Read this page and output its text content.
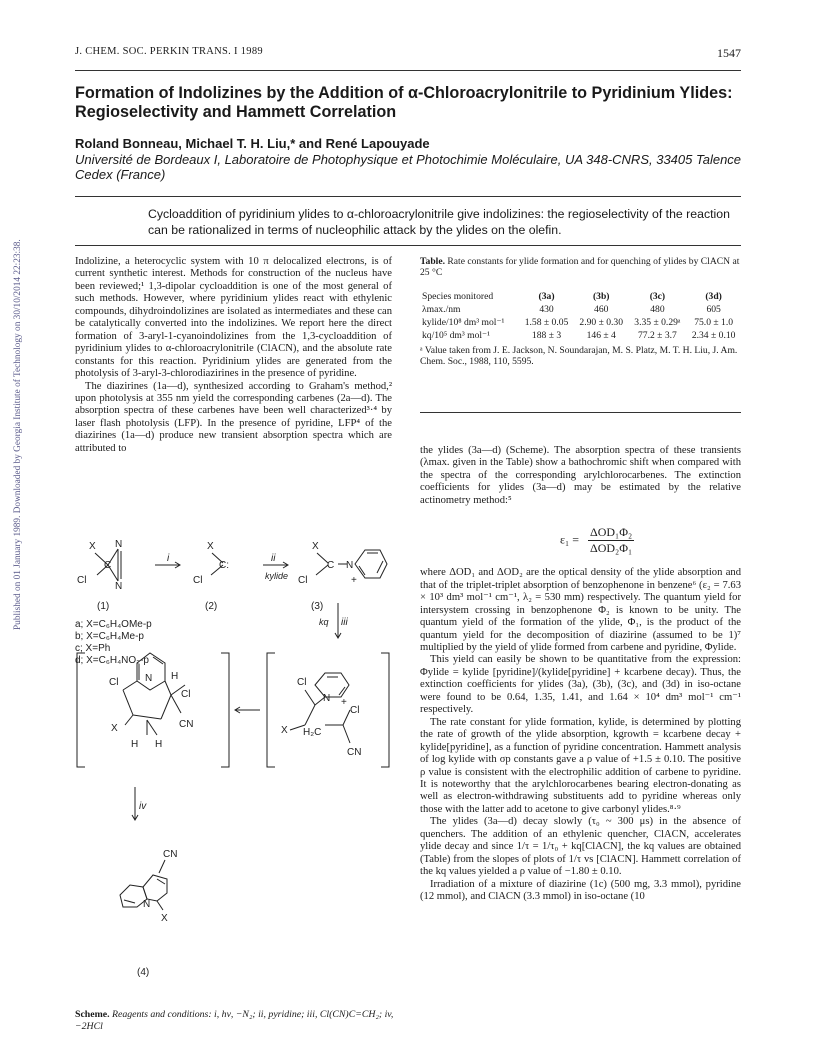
J. CHEM. SOC. PERKIN TRANS. I 1989	1547
Formation of Indolizines by the Addition of α-Chloroacrylonitrile to Pyridinium Ylides: Regioselectivity and Hammett Correlation
Roland Bonneau, Michael T. H. Liu,* and René Lapouyade
Université de Bordeaux I, Laboratoire de Photophysique et Photochimie Moléculaire, UA 348-CNRS, 33405 Talence Cedex (France)
Cycloaddition of pyridinium ylides to α-chloroacrylonitrile give indolizines: the regioselectivity of the reaction can be rationalized in terms of nucleophilic attack by the ylides on the olefin.
Published on 01 January 1989. Downloaded by Georgia Institute of Technology on 30/10/2014 22:23:38.	Indolizine, a heterocyclic system with 10 π delocalized electrons, is of current synthetic interest. Methods for construction of the nucleus have been reviewed;¹ 1,3-dipolar cycloaddition is one of the most general of such methods. However, where pyridinium ylides react with ethylenic compounds, dihydroindolizines are isolated as intermediates and these can be catalytically converted into the indolizines. We report here the direct formation of 3-aryl-1-cyanoindolizines from the 1,3-cycloaddition of pyridinium ylides to α-chloroacrylonitrile (ClACN), and the absolute rate constants for this reaction. Pyridinium ylides are generated from the photolysis of 3-aryl-3-chlorodiazirines in the presence of pyridine.

The diazirines (1a—d), synthesized according to Graham's method,² upon photolysis at 355 nm yield the corresponding carbenes (2a—d). The absorption spectra of these carbenes have been well characterized³·⁴ by laser flash photolysis (LFP). In the presence of pyridine, LFP⁴ of the diazirines (1a—d) produce new transient absorption spectra which are attributed to

Table. Rate constants for ylide formation and for quenching of ylides by ClACN at 25 °C
Species monitored	(3a)	(3b)	(3c)	(3d)
λmax./nm	430	460	480	605
kylide/10⁸ dm³ mol⁻¹	1.58 ± 0.05	2.90 ± 0.30	3.35 ± 0.29ᵃ	75.0 ± 1.0
kq/10⁵ dm³ mol⁻¹	188 ± 3	146 ± 4	77.2 ± 3.7	2.34 ± 0.10
ᵃ Value taken from J. E. Jackson, N. Soundarajan, M. S. Platz, M. T. H. Liu, J. Am. Chem. Soc., 1988, 110, 5595.

the ylides (3a—d) (Scheme). The absorption spectra of these transients (λmax. given in the Table) show a bathochromic shift when compared with the spectra of the corresponding arylchlorocarbenes. The extinction coefficients for ylides (3a—d) may be estimated by the relative actinometry method:⁵

where ΔOD₁ and ΔOD₂ are the optical density of the ylide absorption and that of the triplet-triplet absorption of benzophenone in benzene⁶ (ε₂ = 7.63 × 10³ dm³ mol⁻¹ cm⁻¹, λ₂ = 530 mm) respectively. The quantum yield for intersystem crossing in benzophenone Φ₂ is known to be unity. The quantum yield of the formation of the ylide, Φ₁, is the product of the quantum yield for the decomposition of diazirine (assumed to be 1)⁷ multiplied by the yield of ylide formed from carbene and pyridine, Φylide.

This yield can easily be shown to be quantitative from the expression: Φylide = kylide [pyridine]/(kylide[pyridine] + kcarbene decay). Thus, the extinction coefficients for ylides (3a), (3b), (3c), and (3d) in iso-octane were found to be 0.64, 1.35, 1.41, and 1.64 × 10⁴ dm³ mol⁻¹ cm⁻¹ respectively.

The rate constant for ylide formation, kylide, is determined by plotting the rate of growth of the ylide absorption, kgrowth = kcarbene decay + kylide[pyridine], as a function of pyridine concentration. Hammett analysis of log kylide with σp constants gave a ρ value of +1.5 ± 0.10. The positive ρ value is consistent with the electrophilic addition of carbene to pyridine. It is noteworthy that the arylchlorocarbenes bearing electron-donating as well as electron-withdrawing substituents add to pyridine whereas only those with the latter add to acetone to give carbonyl ylides.⁸·⁹

The ylides (3a—d) decay slowly (τ₀ ~ 300 μs) in the absence of quenchers. The addition of an ethylenic quencher, ClACN, accelerates ylide decay and since 1/τ = 1/τ₀ + kq[ClACN], the kq values are obtained (Table) from the slopes of plots of 1/τ vs [ClACN]. Hammett correlation of the kq values yielded a ρ value of −1.80 ± 0.10.

Irradiation of a mixture of diazirine (1c) (500 mg, 3.3 mmol), pyridine (12 mmol), and ClACN (3.3 mmol) in iso-octane (10

$\varepsilon_1 = \frac{\text{ΔOD₁Φ₂}}{\text{ΔOD₂Φ₁}}$
X N
Cl
N
C
X
C:
Cl
X
C N
Cl	+
Cl	N H
Cl
CN
X
H H
Cl
N +
Cl
X H₂C
CN
CN
N
X
(1)	(2)	(3)
(4)
i	ii
iii
iv
kylide
kq
a; X=C₆H₄OMe-p
b; X=C₆H₄Me-p
c; X=Ph
d; X=C₆H₄NO₂-p
Scheme. Reagents and conditions: i, hν, −N₂; ii, pyridine; iii, Cl(CN)C=CH₂; iv, −2HCl
